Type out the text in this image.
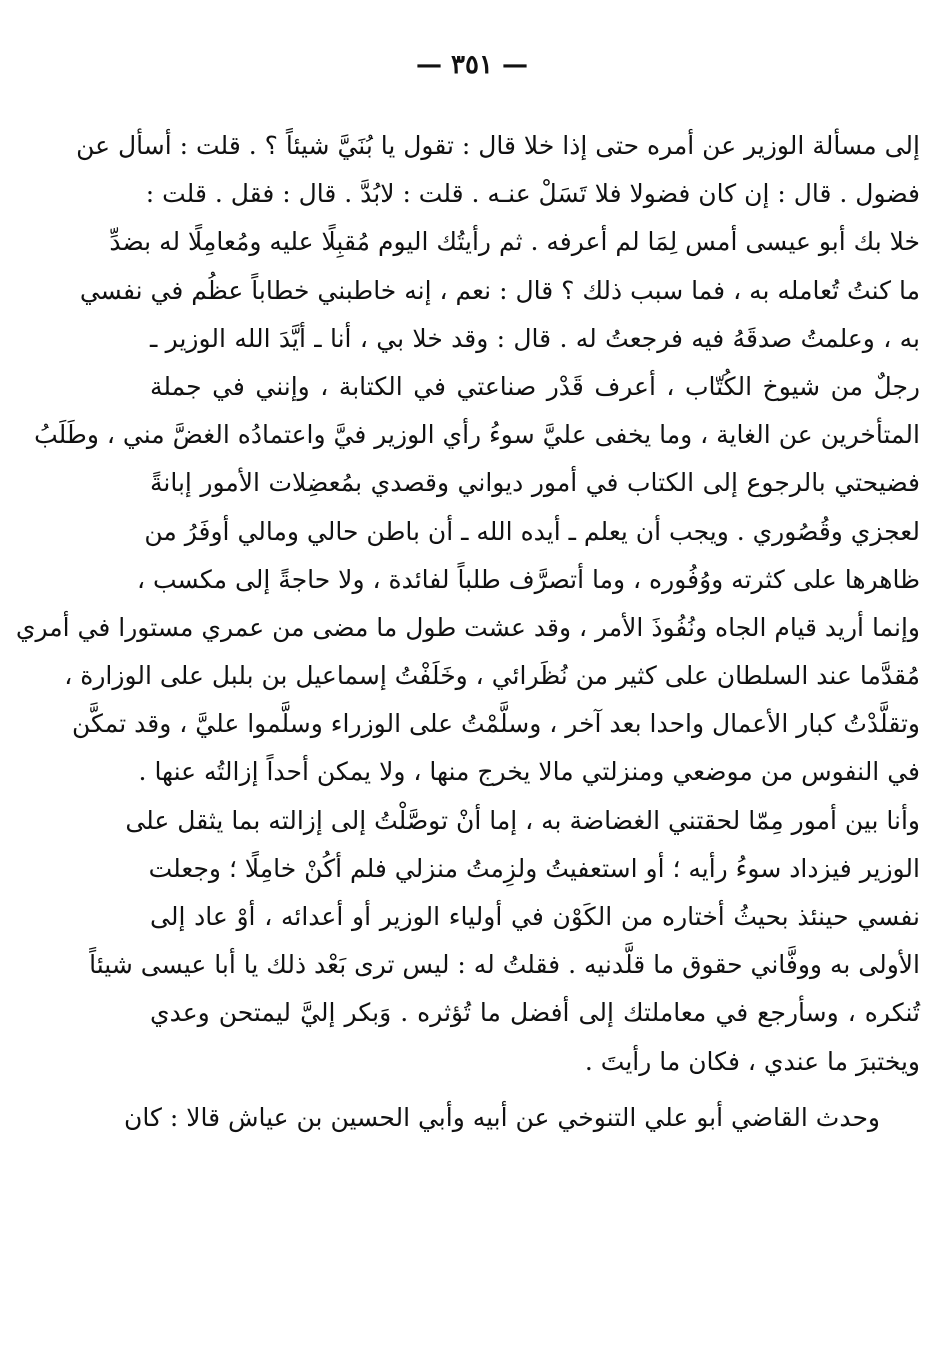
— ٣٥١ —
إلى مسألة الوزير عن أمره حتى إذا خلا قال : تقول يا بُنَيَّ شيئاً ؟ . قلت : أسأل عن
فضول . قال : إن كان فضولا فلا تَسَلْ عنـه . قلت : لابُدَّ . قال : فقل . قلت :
خلا بك أبو عيسى أمس لِمَا لم أعرفه . ثم رأيتُك اليوم مُقبِلًا عليه ومُعامِلًا له بضدِّ
ما كنتُ تُعامله به ، فما سبب ذلك ؟ قال : نعم ، إنه خاطبني خطاباً عظُم في نفسي
به ، وعلمتُ صدقَهُ فيه فرجعتُ له . قال : وقد خلا بي ، أنا ـ أيَّدَ الله الوزير ـ
رجلٌ من شيوخ الكُتّاب ، أعرف قَدْر صناعتي في الكتابة ، وإنني في جملة
المتأخرين عن الغاية ، وما يخفى عليَّ سوءُ رأي الوزير فيَّ واعتمادُه الغضَّ مني ، وطَلَبُ
فضيحتي بالرجوع إلى الكتاب في أمور ديواني وقصدي بمُعضِلات الأمور إبانةً
لعجزي وقُصُوري . ويجب أن يعلم ـ أيده الله ـ أن باطن حالي ومالي أوفَرُ من
ظاهرها على كثرته ووُفُوره ، وما أتصرَّف طلباً لفائدة ، ولا حاجةً إلى مكسب ،
وإنما أريد قيام الجاه ونُفُوذَ الأمر ، وقد عشت طول ما مضى من عمري مستورا في أمري
مُقدَّما عند السلطان على كثير من نُظَرائي ، وخَلَفْتُ إسماعيل بن بلبل على الوزارة ،
وتقلَّدْتُ كبار الأعمال واحدا بعد آخر ، وسلَّمْتُ على الوزراء وسلَّموا عليَّ ، وقد تمكَّن
في النفوس من موضعي ومنزلتي مالا يخرج منها ، ولا يمكن أحداً إزالتُه عنها .
وأنا بين أمور مِمّا لحقتني الغضاضة به ، إما أنْ توصَّلْتُ إلى إزالته بما يثقل على
الوزير فيزداد سوءُ رأيه ؛ أو استعفيتُ ولزِمتُ منزلي فلم أكُنْ خامِلًا ؛ وجعلت
نفسي حينئذ بحيثُ أختاره من الكَوْن في أولياء الوزير أو أعدائه ، أوْ عاد إلى
الأولى به ووفَّاني حقوق ما قلَّدنيه . فقلتُ له : ليس ترى بَعْد ذلك يا أبا عيسى شيئاً
تُنكره ، وسأرجع في معاملتك إلى أفضل ما تُؤثره . وَبكر إليَّ ليمتحن وعدي
ويختبرَ ما عندي ، فكان ما رأيتَ .
وحدث القاضي أبو علي التنوخي عن أبيه وأبي الحسين بن عياش قالا : كان
